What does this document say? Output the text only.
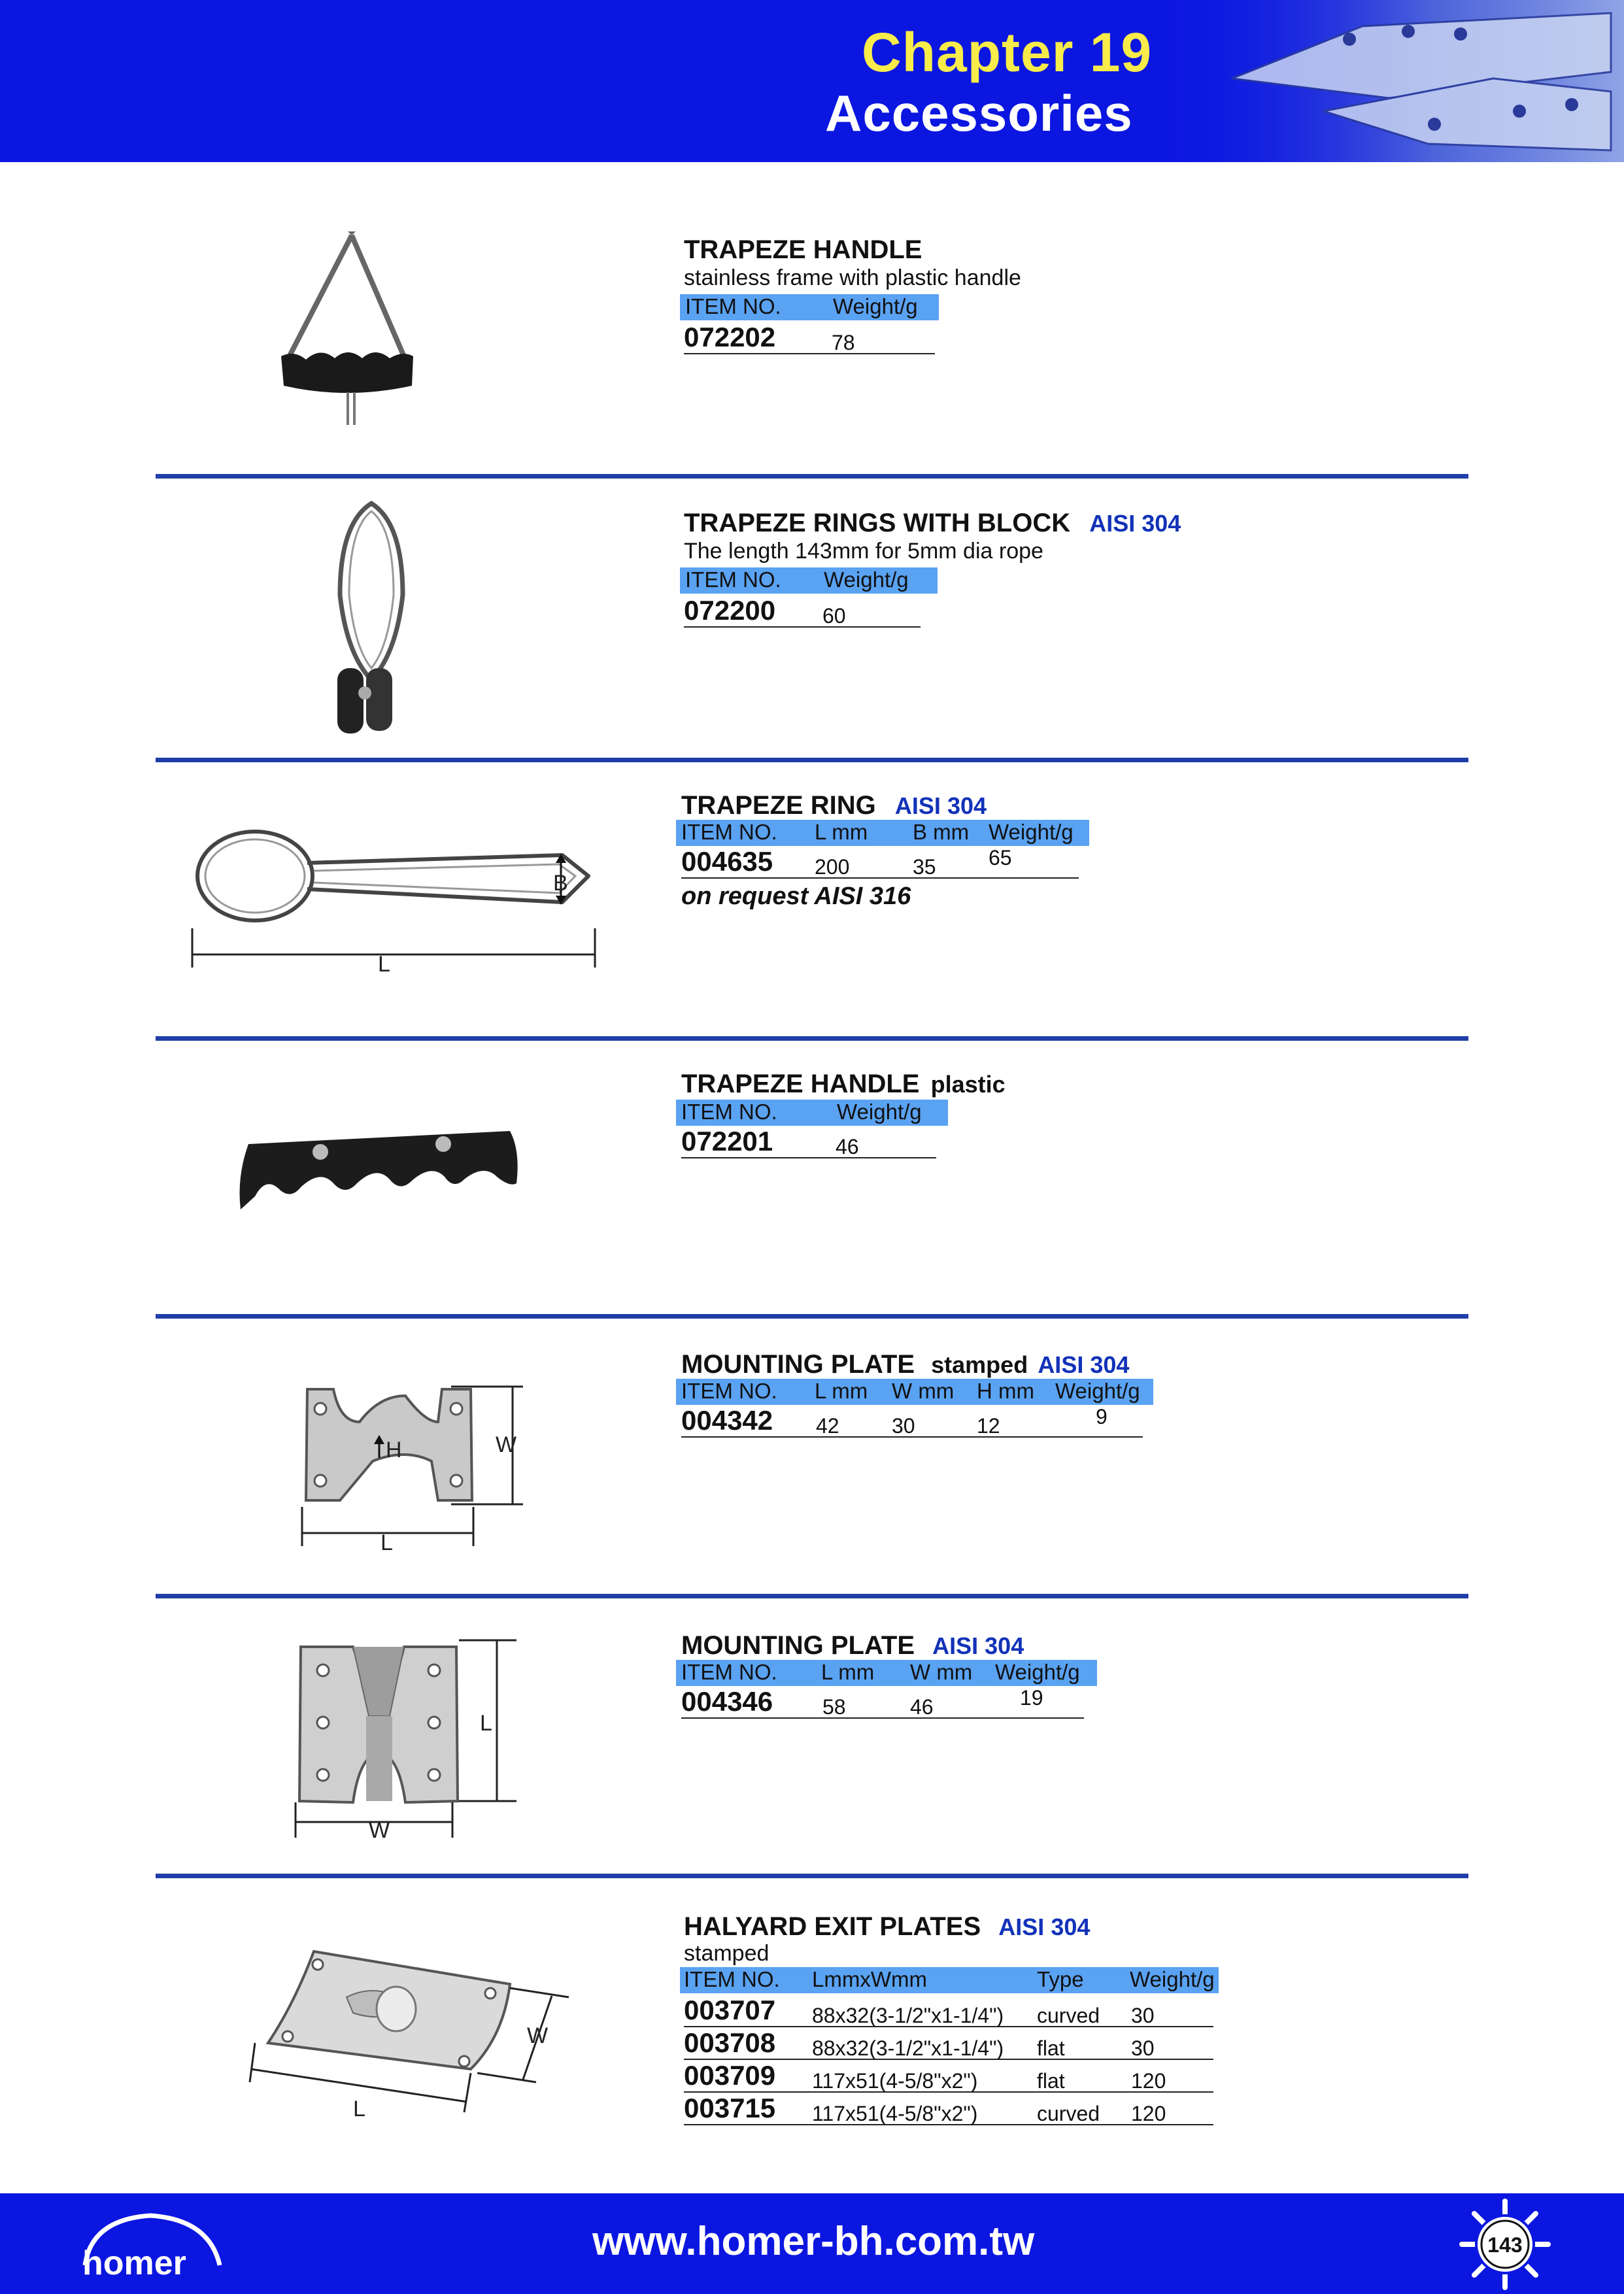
Chapter 19
Accessories
TRAPEZE HANDLE
stainless frame with plastic handle
ITEM NO. Weight/g
072202	78
TRAPEZE RINGS WITH BLOCK AISI 304
The length 143mm for 5mm dia rope
ITEM NO. Weight/g
072200 60
B
L
TRAPEZE RING AISI 304
ITEM NO. L mm B mm Weight/g
004635 200	35	65
on request AISI 316
TRAPEZE HANDLE plastic
ITEM NO.	Weight/g
072201	46
H	W
L
MOUNTING PLATE stamped AISI 304
ITEM NO. L mm W mm H mm Weight/g
004342 42	30	12	9
L
W
MOUNTING PLATE AISI 304
ITEM NO. L mm W mm Weight/g
004346 58	46	19
L
W
HALYARD EXIT PLATES AISI 304
stamped
ITEM NO. LmmxWmm	Type Weight/g
003707 88x32(3-1/2"x1-1/4") curved 30
003708 88x32(3-1/2"x1-1/4") flat	30
003709 117x51(4-5/8"x2")	flat	120
003715 117x51(4-5/8"x2")	curved 120
homer	www.homer-bh.com.tw	143
